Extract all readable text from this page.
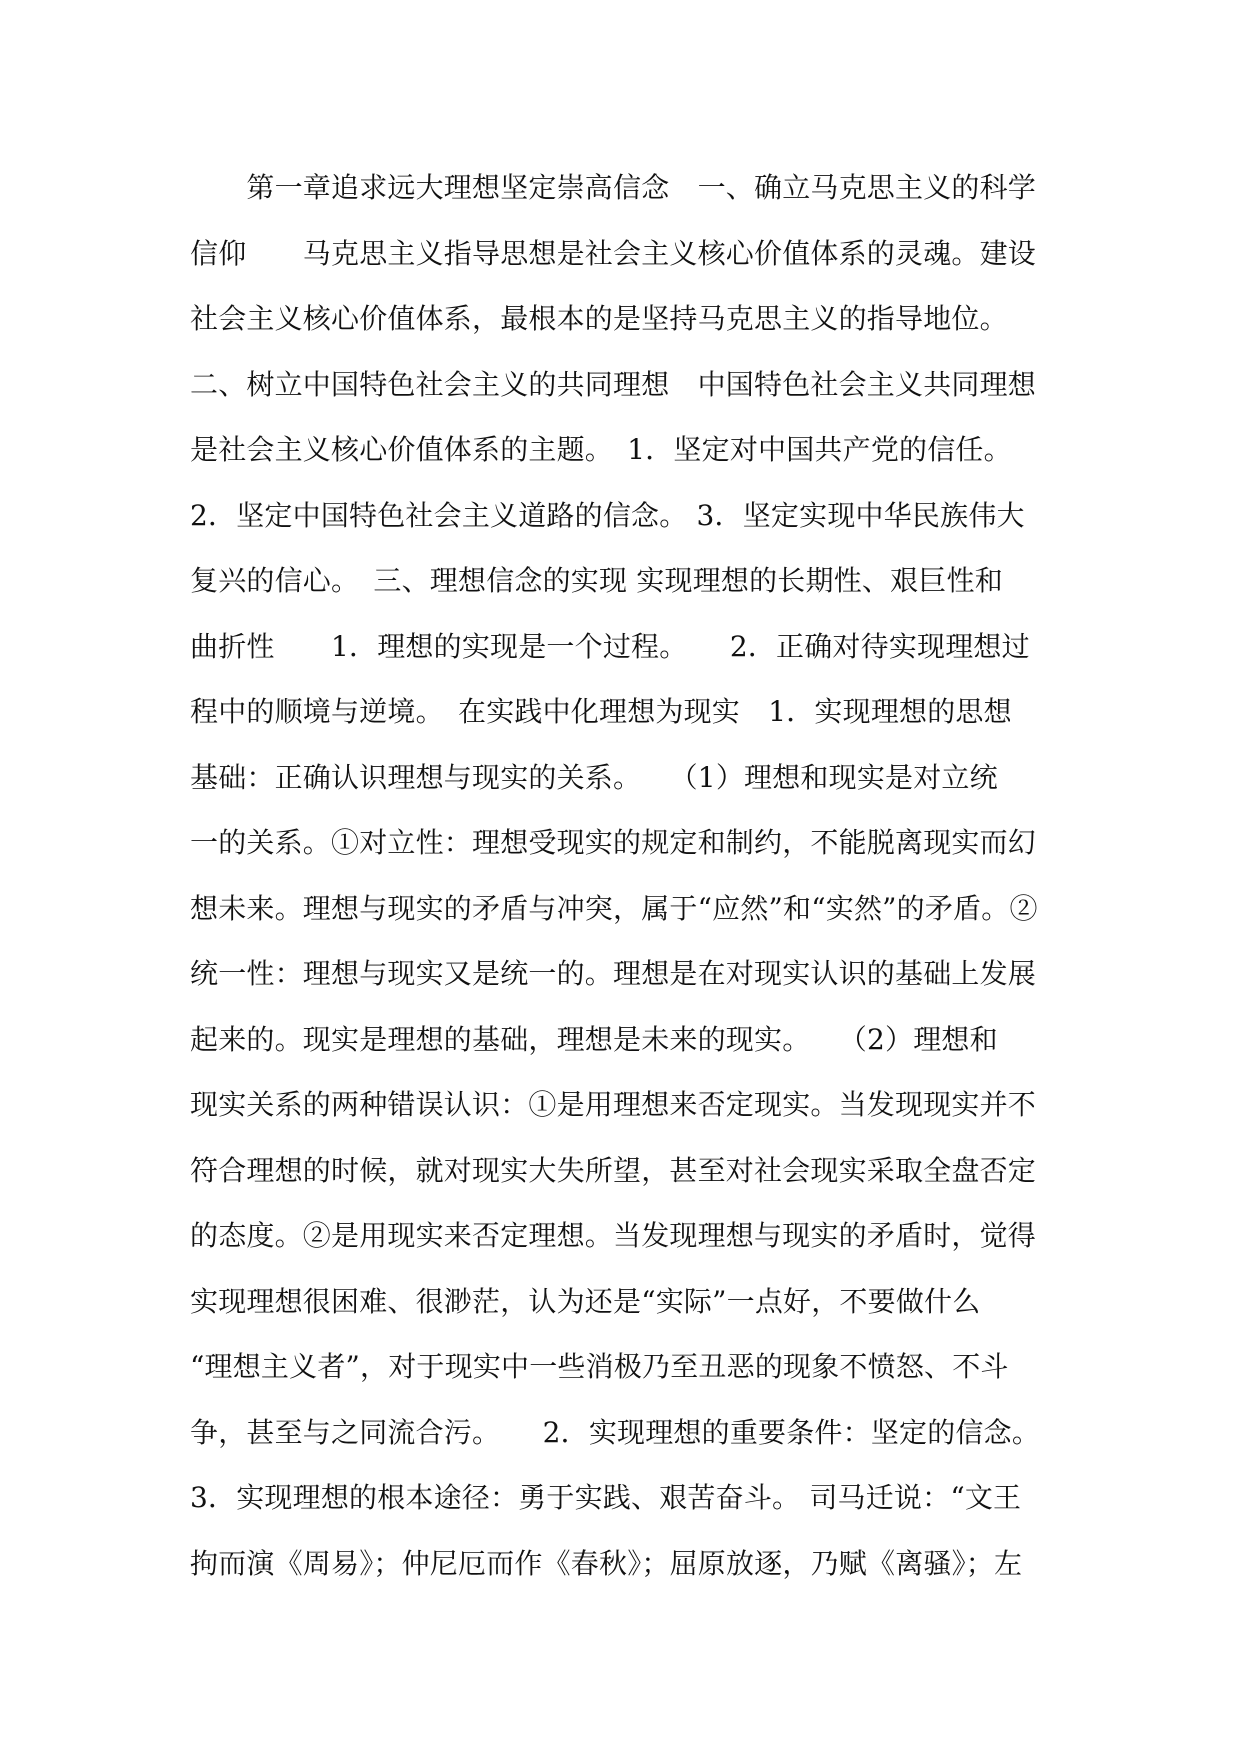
　　第一章追求远大理想坚定崇高信念　一、确立马克思主义的科学
信仰　　马克思主义指导思想是社会主义核心价值体系的灵魂。建设
社会主义核心价值体系，最根本的是坚持马克思主义的指导地位。
二、树立中国特色社会主义的共同理想　中国特色社会主义共同理想
是社会主义核心价值体系的主题。　1．坚定对中国共产党的信任。
2．坚定中国特色社会主义道路的信念。 3．坚定实现中华民族伟大
复兴的信心。　三、理想信念的实现 实现理想的长期性、艰巨性和
曲折性　　1．理想的实现是一个过程。　　2．正确对待实现理想过
程中的顺境与逆境。　在实践中化理想为现实　1．实现理想的思想
基础：正确认识理想与现实的关系。　　（1）理想和现实是对立统
一的关系。①对立性：理想受现实的规定和制约，不能脱离现实而幻
想未来。理想与现实的矛盾与冲突，属于“应然”和“实然”的矛盾。②
统一性：理想与现实又是统一的。理想是在对现实认识的基础上发展
起来的。现实是理想的基础，理想是未来的现实。　　（2）理想和
现实关系的两种错误认识：①是用理想来否定现实。当发现现实并不
符合理想的时候，就对现实大失所望，甚至对社会现实采取全盘否定
的态度。②是用现实来否定理想。当发现理想与现实的矛盾时，觉得
实现理想很困难、很渺茫，认为还是“实际”一点好，不要做什么
“理想主义者”，对于现实中一些消极乃至丑恶的现象不愤怒、不斗
争，甚至与之同流合污。　　2．实现理想的重要条件：坚定的信念。
3．实现理想的根本途径：勇于实践、艰苦奋斗。 司马迁说：“文王
拘而演《周易》；仲尼厄而作《春秋》；屈原放逐，乃赋《离骚》；左
